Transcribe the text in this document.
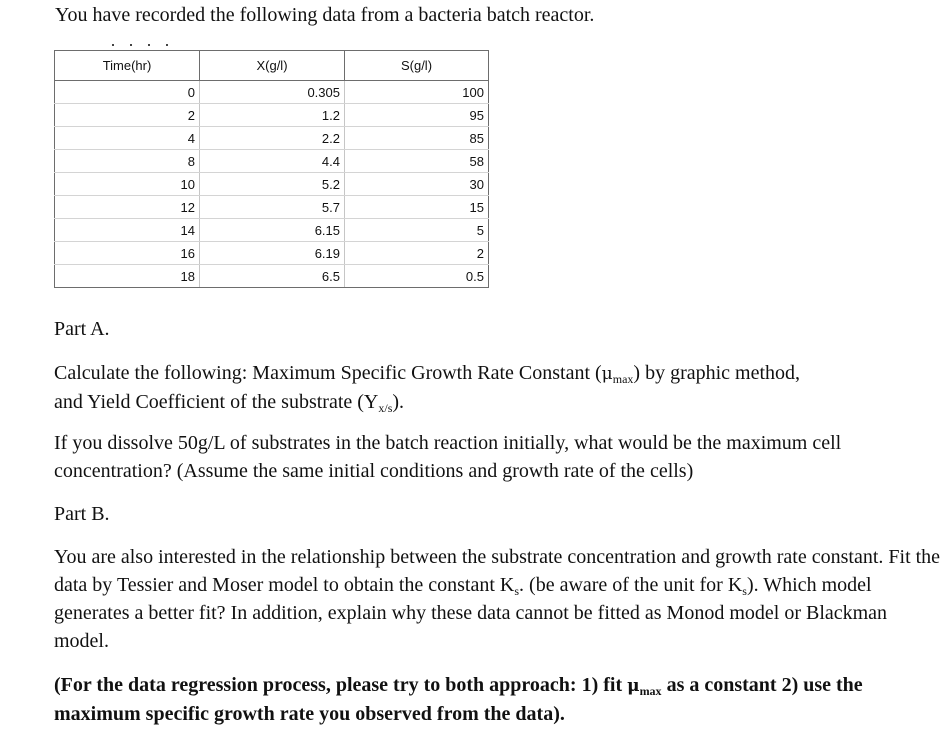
You have recorded the following data from a bacteria batch reactor.

Time(hr)	X(g/l)	S(g/l)
0	0.305	100
2	1.2	95
4	2.2	85
8	4.4	58
10	5.2	30
12	5.7	15
14	6.15	5
16	6.19	2
18	6.5	0.5

Part A.

Calculate the following: Maximum Specific Growth Rate Constant $(\mu_{max})$ by graphic method,
and Yield Coefficient of the substrate $(Y_{x/s})$.

If you dissolve 50g/L of substrates in the batch reaction initially, what would be the maximum cell concentration? (Assume the same initial conditions and growth rate of the cells)

Part B.

You are also interested in the relationship between the substrate concentration and growth rate constant. Fit the data by Tessier and Moser model to obtain the constant $K_s$. (be aware of the unit for $K_s$). Which model generates a better fit? In addition, explain why these data cannot be fitted as Monod model or Blackman model.

(For the data regression process, please try to both approach: 1) fit $\mu_{max}$ as a constant 2) use the maximum specific growth rate you observed from the data).
